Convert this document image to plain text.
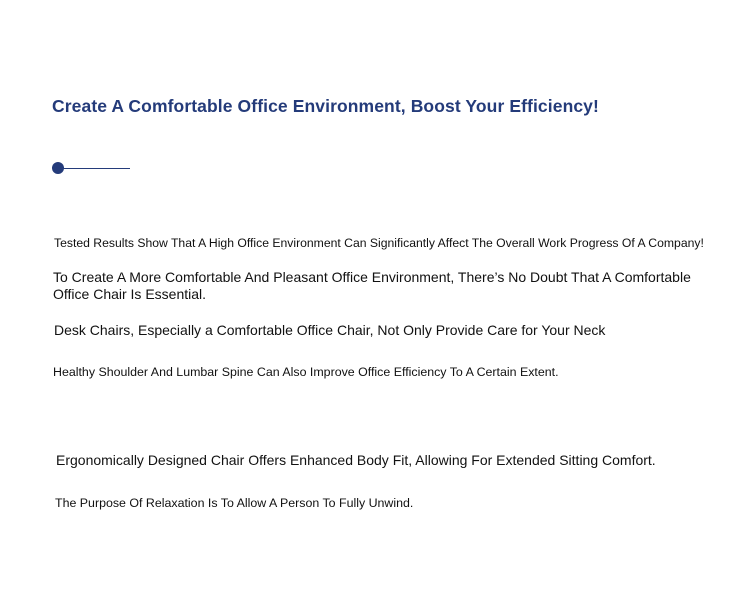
Create A Comfortable Office Environment, Boost Your Efficiency!

Tested Results Show That A High Office Environment Can Significantly Affect The Overall Work Progress Of A Company!

To Create A More Comfortable And Pleasant Office Environment, There’s No Doubt That A Comfortable Office Chair Is Essential.

Desk Chairs, Especially a Comfortable Office Chair, Not Only Provide Care for Your Neck

Healthy Shoulder And Lumbar Spine Can Also Improve Office Efficiency To A Certain Extent.

Ergonomically Designed Chair Offers Enhanced Body Fit, Allowing For Extended Sitting Comfort.

The Purpose Of Relaxation Is To Allow A Person To Fully Unwind.
